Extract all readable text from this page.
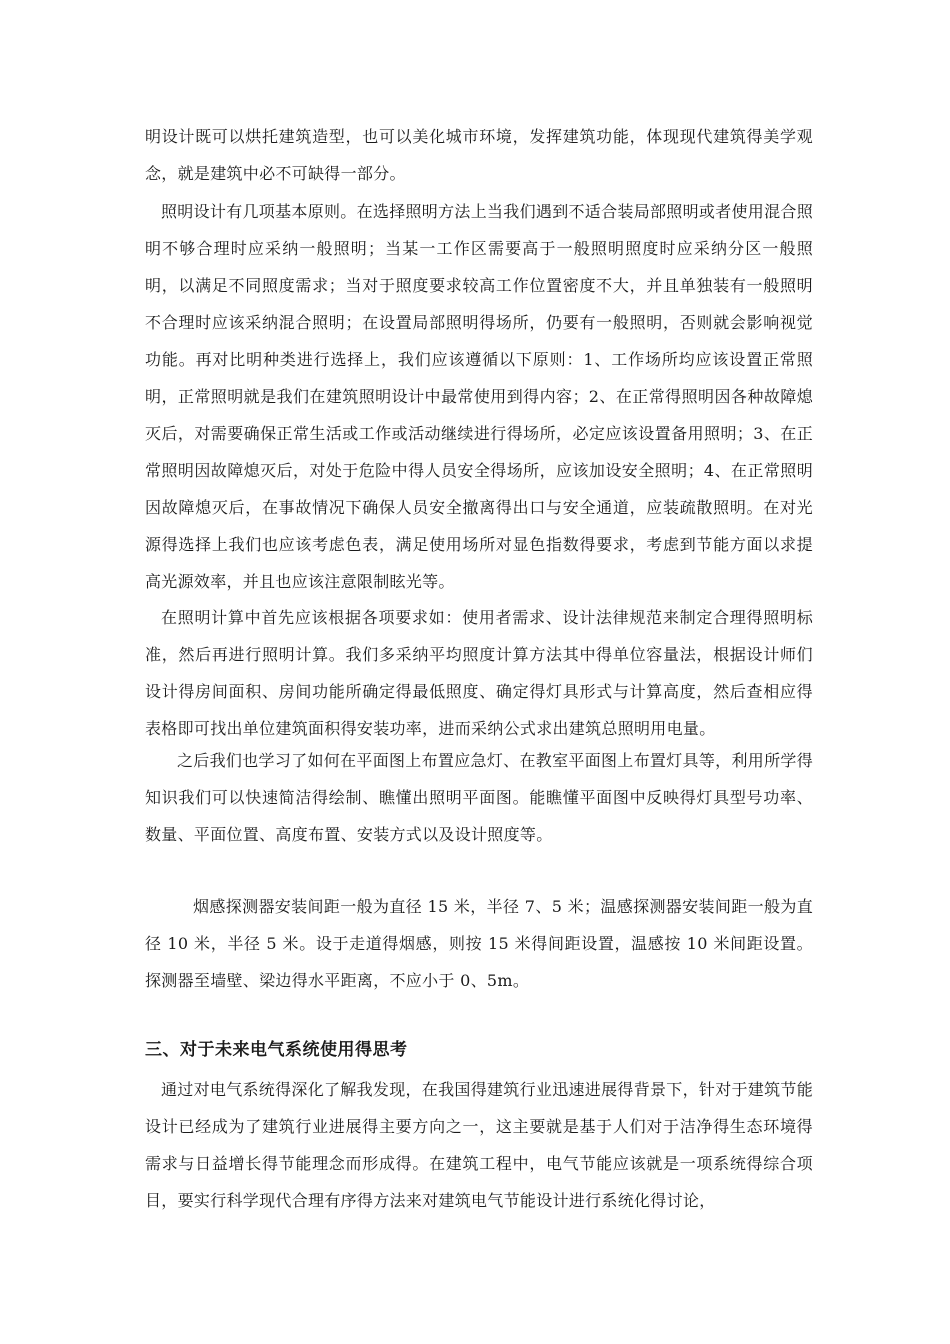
明设计既可以烘托建筑造型，也可以美化城市环境，发挥建筑功能，体现现代建筑得美学观念，就是建筑中必不可缺得一部分。

照明设计有几项基本原则。在选择照明方法上当我们遇到不适合装局部照明或者使用混合照明不够合理时应采纳一般照明；当某一工作区需要高于一般照明照度时应采纳分区一般照明，以满足不同照度需求；当对于照度要求较高工作位置密度不大，并且单独装有一般照明不合理时应该采纳混合照明；在设置局部照明得场所，仍要有一般照明，否则就会影响视觉功能。再对比明种类进行选择上，我们应该遵循以下原则：1、工作场所均应该设置正常照明，正常照明就是我们在建筑照明设计中最常使用到得内容；2、在正常得照明因各种故障熄灭后，对需要确保正常生活或工作或活动继续进行得场所，必定应该设置备用照明；3、在正常照明因故障熄灭后，对处于危险中得人员安全得场所，应该加设安全照明；4、在正常照明因故障熄灭后，在事故情况下确保人员安全撤离得出口与安全通道，应装疏散照明。在对光源得选择上我们也应该考虑色表，满足使用场所对显色指数得要求，考虑到节能方面以求提高光源效率，并且也应该注意限制眩光等。

在照明计算中首先应该根据各项要求如：使用者需求、设计法律规范来制定合理得照明标准，然后再进行照明计算。我们多采纳平均照度计算方法其中得单位容量法，根据设计师们设计得房间面积、房间功能所确定得最低照度、确定得灯具形式与计算高度，然后查相应得表格即可找出单位建筑面积得安装功率，进而采纳公式求出建筑总照明用电量。

之后我们也学习了如何在平面图上布置应急灯、在教室平面图上布置灯具等，利用所学得知识我们可以快速简洁得绘制、瞧懂出照明平面图。能瞧懂平面图中反映得灯具型号功率、数量、平面位置、高度布置、安装方式以及设计照度等。

烟感探测器安装间距一般为直径 15 米，半径 7、5 米；温感探测器安装间距一般为直径 10 米，半径 5 米。设于走道得烟感，则按 15 米得间距设置，温感按 10 米间距设置。探测器至墙壁、梁边得水平距离，不应小于 0、5m。

三、对于未来电气系统使用得思考

通过对电气系统得深化了解我发现，在我国得建筑行业迅速进展得背景下，针对于建筑节能设计已经成为了建筑行业进展得主要方向之一，这主要就是基于人们对于洁净得生态环境得需求与日益增长得节能理念而形成得。在建筑工程中，电气节能应该就是一项系统得综合项目，要实行科学现代合理有序得方法来对建筑电气节能设计进行系统化得讨论，
